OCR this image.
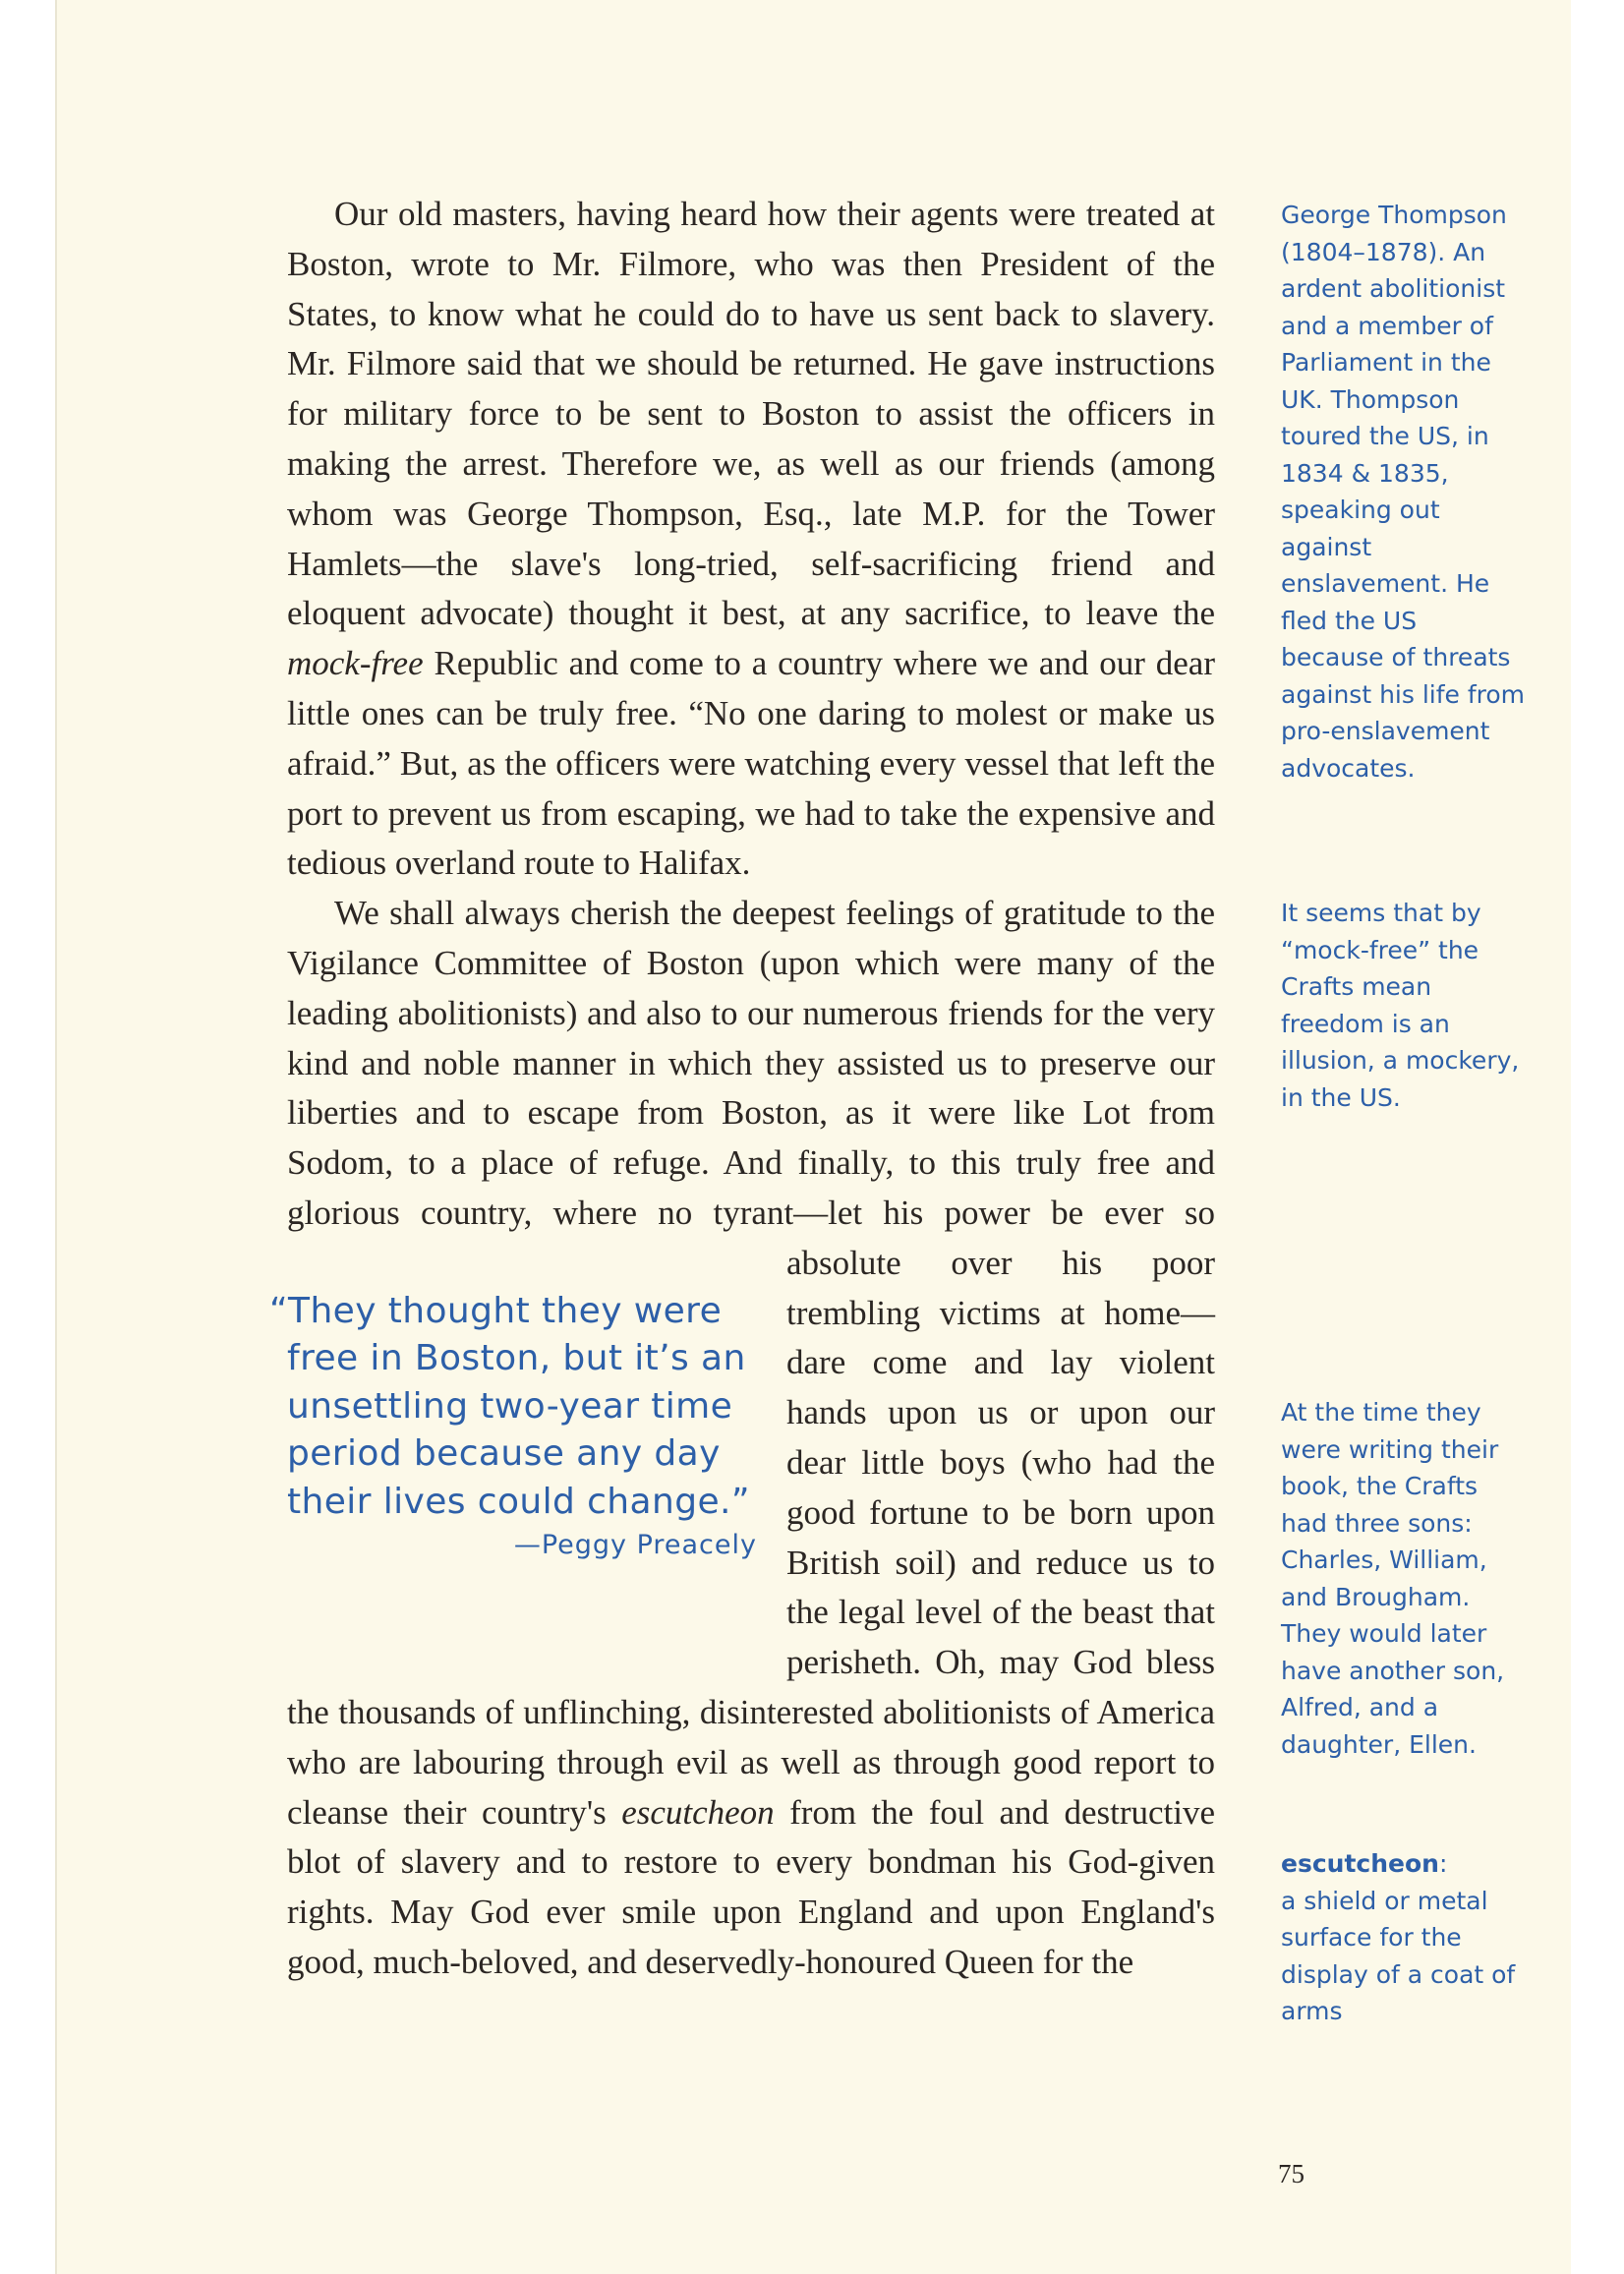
Our old masters, having heard how their agents were treated at Boston, wrote to Mr. Filmore, who was then President of the States, to know what he could do to have us sent back to slavery. Mr. Filmore said that we should be returned. He gave instructions for military force to be sent to Boston to assist the officers in making the arrest. Therefore we, as well as our friends (among whom was George Thompson, Esq., late M.P. for the Tower Hamlets—the slave's long-tried, self-sacrificing friend and eloquent advocate) thought it best, at any sacrifice, to leave the mock-free Republic and come to a country where we and our dear little ones can be truly free. “No one daring to molest or make us afraid.” But, as the officers were watching every vessel that left the port to prevent us from escaping, we had to take the expensive and tedious overland route to Halifax.

We shall always cherish the deepest feelings of gratitude to the Vigilance Committee of Boston (upon which were many of the leading abolitionists) and also to our numerous friends for the very kind and noble manner in which they assisted us to preserve our liberties and to escape from Boston, as it were like Lot from Sodom, to a place of refuge. And finally, to this truly free and glorious country, where no tyrant—let his power be
“They thought they were free in Boston, but it’s an unsettling two-year time period because any day their lives could change.”
—Peggy Preacely
ever so absolute over his poor trembling victims at home—dare come and lay violent hands upon us or upon our dear little boys (who had the good fortune to be born upon British soil) and reduce us to the legal level of the beast that perisheth. Oh, may God bless the thousands of unflinching, disinterested abolitionists of America who are labouring through evil as well as through good report to cleanse their country's escutcheon from the foul and destructive blot of slavery and to restore to every bondman his God-given rights. May God ever smile upon England and upon England's good, much-beloved, and deservedly-honoured Queen for the

George Thompson (1804–1878). An ardent abolitionist and a member of Parliament in the UK. Thompson toured the US, in 1834 & 1835, speaking out against enslavement. He fled the US because of threats against his life from pro-enslavement advocates.
It seems that by “mock-free” the Crafts mean freedom is an illusion, a mockery, in the US.
At the time they were writing their book, the Crafts had three sons: Charles, William, and Brougham. They would later have another son, Alfred, and a daughter, Ellen.
escutcheon:
a shield or metal surface for the display of a coat of arms
75
